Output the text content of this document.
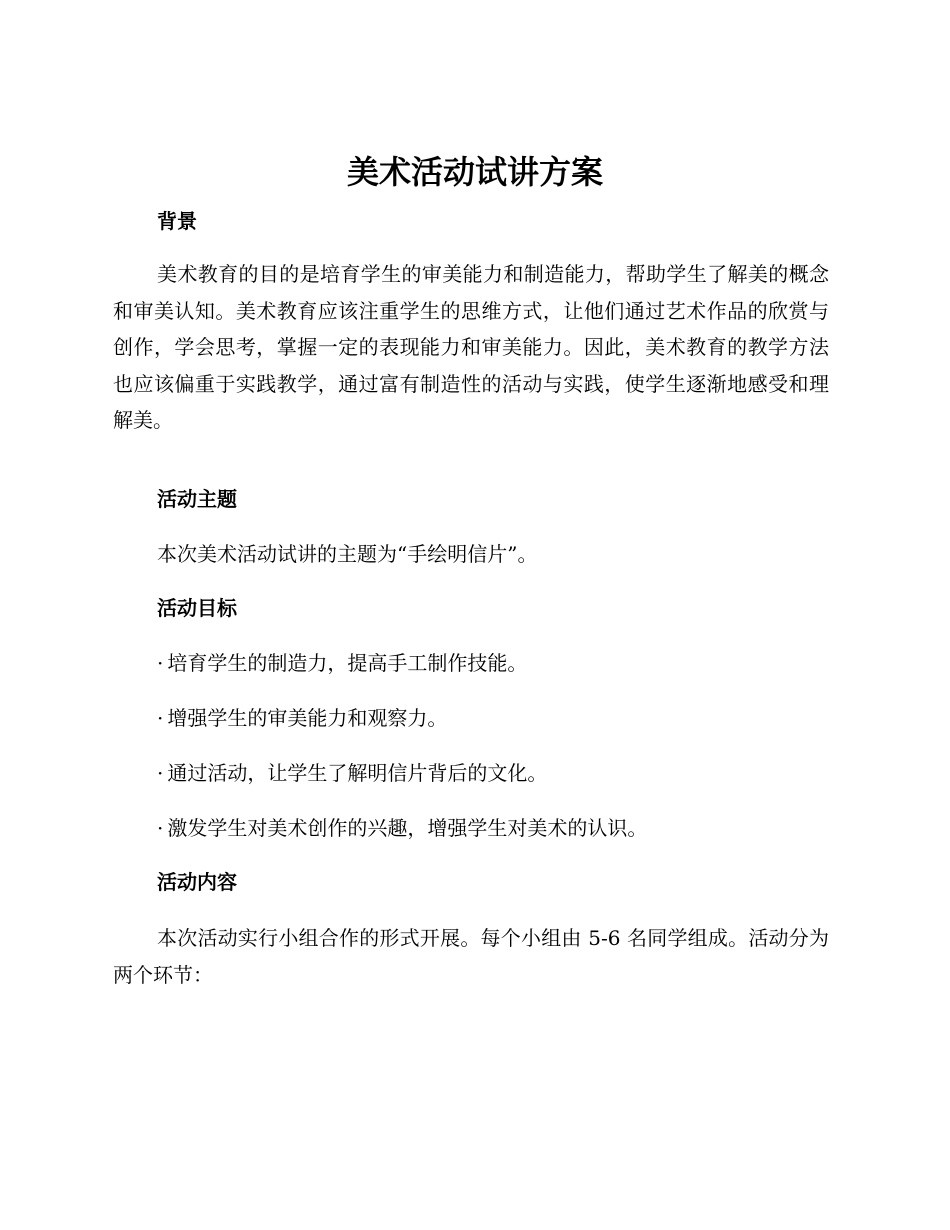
美术活动试讲方案
背景

美术教育的目的是培育学生的审美能力和制造能力，帮助学生了解美的概念和审美认知。美术教育应该注重学生的思维方式，让他们通过艺术作品的欣赏与创作，学会思考，掌握一定的表现能力和审美能力。因此，美术教育的教学方法也应该偏重于实践教学，通过富有制造性的活动与实践，使学生逐渐地感受和理解美。

活动主题

本次美术活动试讲的主题为“手绘明信片”。

活动目标
· 培育学生的制造力，提高手工制作技能。
· 增强学生的审美能力和观察力。
· 通过活动，让学生了解明信片背后的文化。
· 激发学生对美术创作的兴趣，增强学生对美术的认识。
活动内容

本次活动实行小组合作的形式开展。每个小组由 5-6 名同学组成。活动分为两个环节：
